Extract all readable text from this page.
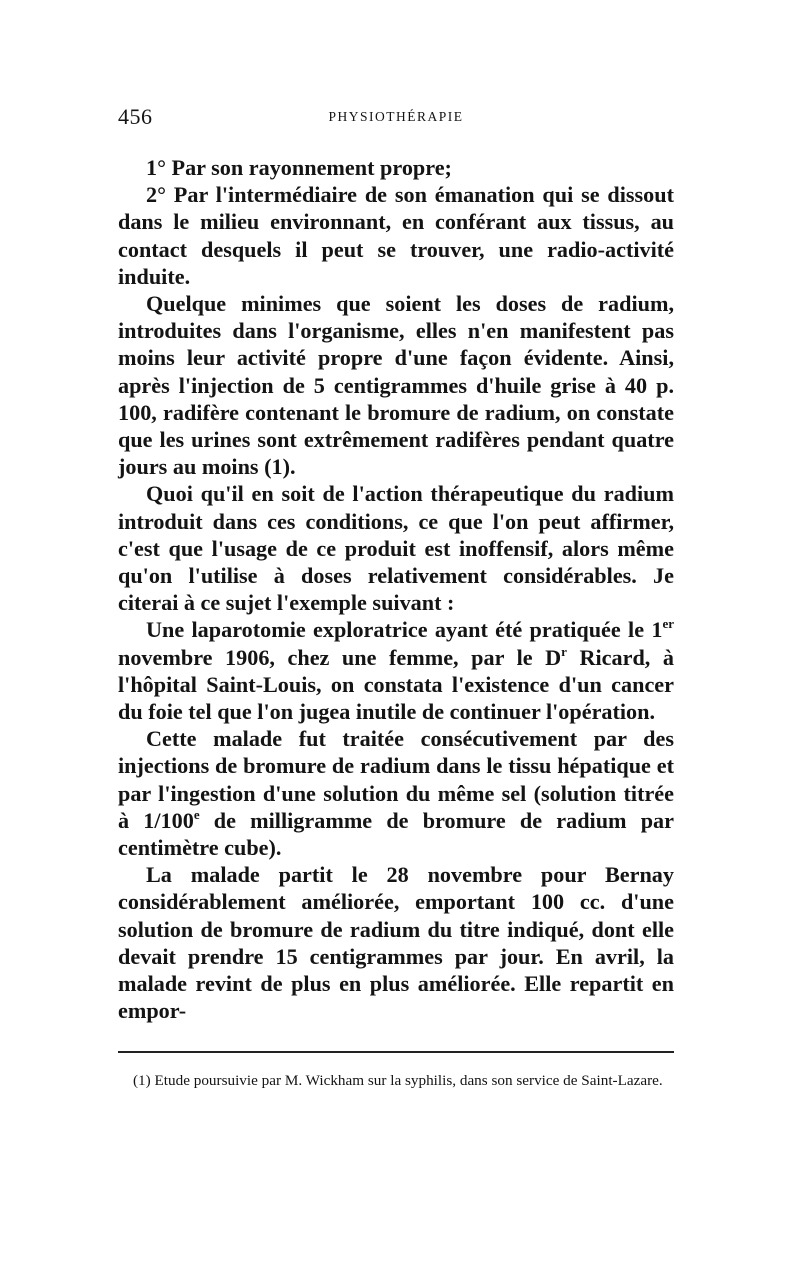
456	PHYSIOTHÉRAPIE

1° Par son rayonnement propre;

2° Par l'intermédiaire de son émanation qui se dissout dans le milieu environnant, en conférant aux tissus, au contact desquels il peut se trouver, une radio-activité induite.

Quelque minimes que soient les doses de radium, introduites dans l'organisme, elles n'en manifestent pas moins leur activité propre d'une façon évidente. Ainsi, après l'injection de 5 centigrammes d'huile grise à 40 p. 100, radifère contenant le bromure de radium, on constate que les urines sont extrêmement radifères pendant quatre jours au moins (1).

Quoi qu'il en soit de l'action thérapeutique du radium introduit dans ces conditions, ce que l'on peut affirmer, c'est que l'usage de ce produit est inoffensif, alors même qu'on l'utilise à doses relativement considérables. Je citerai à ce sujet l'exemple suivant :

Une laparotomie exploratrice ayant été pratiquée le 1er novembre 1906, chez une femme, par le $D^r$ Ricard, à l'hôpital Saint-Louis, on constata l'existence d'un cancer du foie tel que l'on jugea inutile de continuer l'opération.

Cette malade fut traitée consécutivement par des injections de bromure de radium dans le tissu hépatique et par l'ingestion d'une solution du même sel (solution titrée à 1/100e de milligramme de bromure de radium par centimètre cube).

La malade partit le 28 novembre pour Bernay considérablement améliorée, emportant 100 cc. d'une solution de bromure de radium du titre indiqué, dont elle devait prendre 15 centigrammes par jour. En avril, la malade revint de plus en plus améliorée. Elle repartit en empor-

(1) Etude poursuivie par M. Wickham sur la syphilis, dans son service de Saint-Lazare.
